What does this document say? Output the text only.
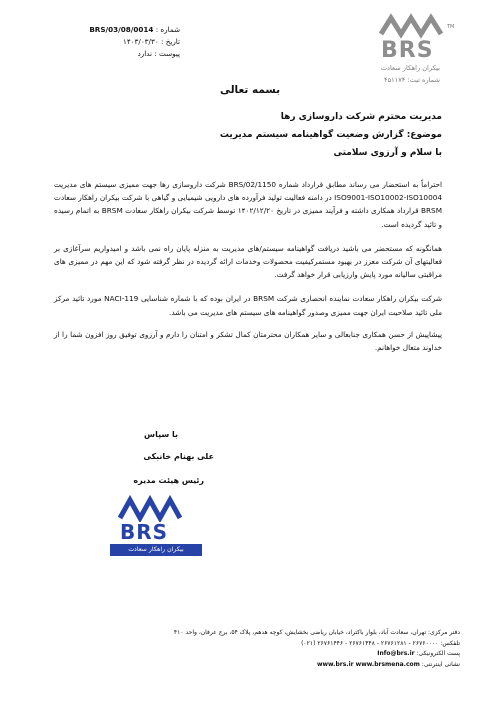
شماره : BRS/03/08/0014
تاریخ : ۱۴۰۳/۰۳/۳۰
پیوست : ندارد
TM
BRS
بیکران راهکار سعادت
شماره ثبت: ۴۵۱۱۷۴
بسمه تعالی
مدیریت محترم شرکت داروسازی رها
موضوع: گزارش وضعیت گواهینامه سیستم مدیریت
با سلام و آرزوی سلامتی

احتراماً به استحضار می رساند مطابق قرارداد شماره BRS/02/1150 شرکت داروسازی رها جهت ممیزی سیستم های مدیریت ISO9001-ISO10002-ISO10004 در دامنه فعالیت تولید فرآورده های دارویی شیمیایی و گیاهی با شرکت بیکران راهکار سعادت BRSM قرارداد همکاری داشته و فرآیند ممیزی در تاریخ ۱۴۰۲/۱۲/۲۰ توسط شرکت بیکران راهکار سعادت BRSM به اتمام رسیده و تائید گردیده است.

همانگونه که مستحضر می باشید دریافت گواهینامه سیستم/های مدیریت به منزله پایان راه نمی باشد و امیدواریم سرآغازی بر فعالیتهای آن شرکت معزز در بهبود مستمرکیفیت محصولات وخدمات ارائه گردیده در نظر گرفته شود که این مهم در ممیزی های مراقبتی سالیانه مورد پایش وارزیابی قرار خواهد گرفت.

شرکت بیکران راهکار سعادت نماینده انحصاری شرکت BRSM در ایران بوده که با شماره شناسایی NACI-119 مورد تائید مرکز ملی تائید صلاحیت ایران جهت ممیزی وصدور گواهینامه های سیستم های مدیریت می باشد.

پیشاپیش از حسن همکاری جنابعالی و سایر همکاران محترمتان کمال تشکر و امتنان را دارم و آرزوی توفیق روز افزون شما را از خداوند متعال خواهانم.

با سپاس
علی بهنام خانبکی
رئیس هیئت مدیره
BRS
بیکران راهکار سعادت
دفتر مرکزی: تهران، سعادت آباد، بلوار باکتراد، خیابان ریاضی بخشایش، کوچه هدهم، پلاک ۵۴، برج عرفان، واحد ۴۱۰
تلفکس: ۲۶۷۶۰۰۰۰ - ۲۶۷۶۱۲۸۱ - ۲۶۷۶۱۴۴۸ - ۲۶۷۶۱۴۴۶ (۰۲۱)
پست الکترونیکی: Info@brs.ir
نشانی اینترنتی: www.brs.ir www.brsmena.com
